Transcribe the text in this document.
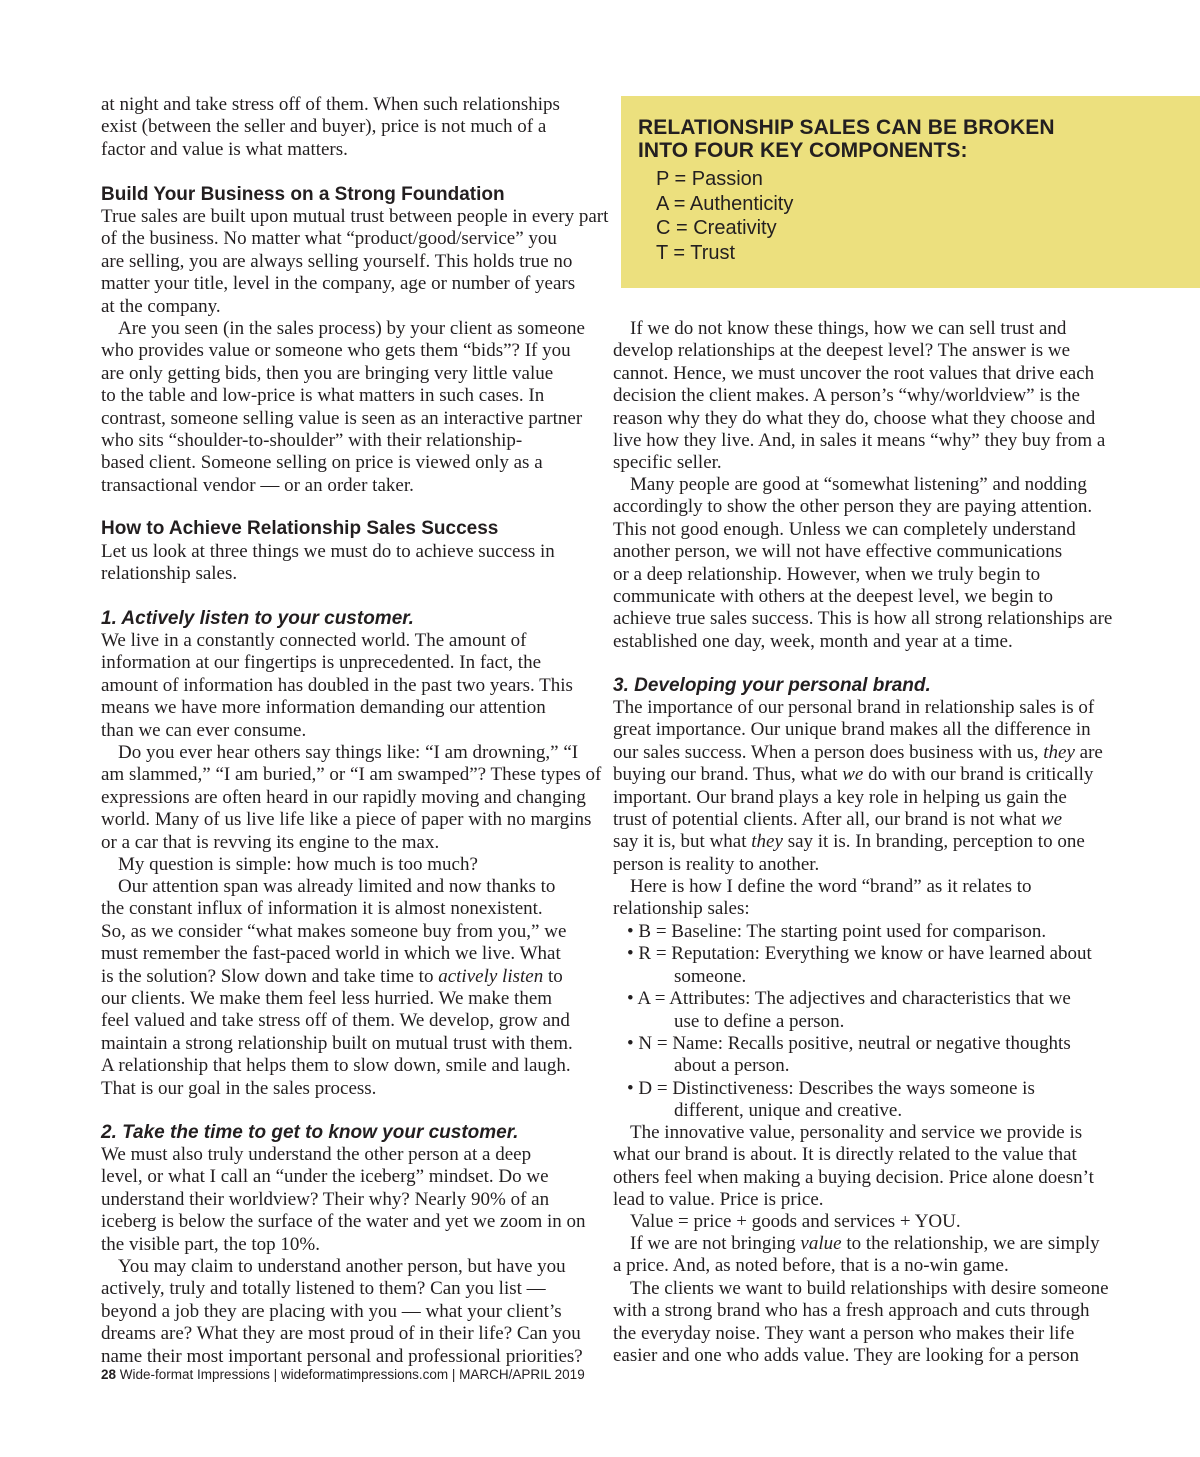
at night and take stress off of them. When such relationships
exist (between the seller and buyer), price is not much of a
factor and value is what matters.
Build Your Business on a Strong Foundation
True sales are built upon mutual trust between people in every part
of the business. No matter what “product/good/service” you
are selling, you are always selling yourself. This holds true no
matter your title, level in the company, age or number of years
at the company.
Are you seen (in the sales process) by your client as someone
who provides value or someone who gets them “bids”? If you
are only getting bids, then you are bringing very little value
to the table and low-price is what matters in such cases. In
contrast, someone selling value is seen as an interactive partner
who sits “shoulder-to-shoulder” with their relationship-
based client. Someone selling on price is viewed only as a
transactional vendor — or an order taker.
How to Achieve Relationship Sales Success
Let us look at three things we must do to achieve success in
relationship sales.
1. Actively listen to your customer.
We live in a constantly connected world. The amount of
information at our fingertips is unprecedented. In fact, the
amount of information has doubled in the past two years. This
means we have more information demanding our attention
than we can ever consume.
Do you ever hear others say things like: “I am drowning,” “I
am slammed,” “I am buried,” or “I am swamped”? These types of
expressions are often heard in our rapidly moving and changing
world. Many of us live life like a piece of paper with no margins
or a car that is revving its engine to the max.
My question is simple: how much is too much?
Our attention span was already limited and now thanks to
the constant influx of information it is almost nonexistent.
So, as we consider “what makes someone buy from you,” we
must remember the fast-paced world in which we live. What
is the solution? Slow down and take time to actively listen to
our clients. We make them feel less hurried. We make them
feel valued and take stress off of them. We develop, grow and
maintain a strong relationship built on mutual trust with them.
A relationship that helps them to slow down, smile and laugh.
That is our goal in the sales process.
2. Take the time to get to know your customer.
We must also truly understand the other person at a deep
level, or what I call an “under the iceberg” mindset. Do we
understand their worldview? Their why? Nearly 90% of an
iceberg is below the surface of the water and yet we zoom in on
the visible part, the top 10%.
You may claim to understand another person, but have you
actively, truly and totally listened to them? Can you list —
beyond a job they are placing with you — what your client’s
dreams are? What they are most proud of in their life? Can you
name their most important personal and professional priorities?
RELATIONSHIP SALES CAN BE BROKEN
INTO FOUR KEY COMPONENTS:
P = Passion
A = Authenticity
C = Creativity
T = Trust
If we do not know these things, how we can sell trust and
develop relationships at the deepest level? The answer is we
cannot. Hence, we must uncover the root values that drive each
decision the client makes. A person’s “why/worldview” is the
reason why they do what they do, choose what they choose and
live how they live. And, in sales it means “why” they buy from a
specific seller.
Many people are good at “somewhat listening” and nodding
accordingly to show the other person they are paying attention.
This not good enough. Unless we can completely understand
another person, we will not have effective communications
or a deep relationship. However, when we truly begin to
communicate with others at the deepest level, we begin to
achieve true sales success. This is how all strong relationships are
established one day, week, month and year at a time.
3. Developing your personal brand.
The importance of our personal brand in relationship sales is of
great importance. Our unique brand makes all the difference in
our sales success. When a person does business with us, they are
buying our brand. Thus, what we do with our brand is critically
important. Our brand plays a key role in helping us gain the
trust of potential clients. After all, our brand is not what we
say it is, but what they say it is. In branding, perception to one
person is reality to another.
Here is how I define the word “brand” as it relates to
relationship sales:
• B = Baseline: The starting point used for comparison.
• R = Reputation: Everything we know or have learned about
someone.
• A = Attributes: The adjectives and characteristics that we
use to define a person.
• N = Name: Recalls positive, neutral or negative thoughts
about a person.
• D = Distinctiveness: Describes the ways someone is
different, unique and creative.
The innovative value, personality and service we provide is
what our brand is about. It is directly related to the value that
others feel when making a buying decision. Price alone doesn’t
lead to value. Price is price.
Value = price + goods and services + YOU.
If we are not bringing value to the relationship, we are simply
a price. And, as noted before, that is a no-win game.
The clients we want to build relationships with desire someone
with a strong brand who has a fresh approach and cuts through
the everyday noise. They want a person who makes their life
easier and one who adds value. They are looking for a person
28 Wide-format Impressions | wideformatimpressions.com | MARCH/APRIL 2019
